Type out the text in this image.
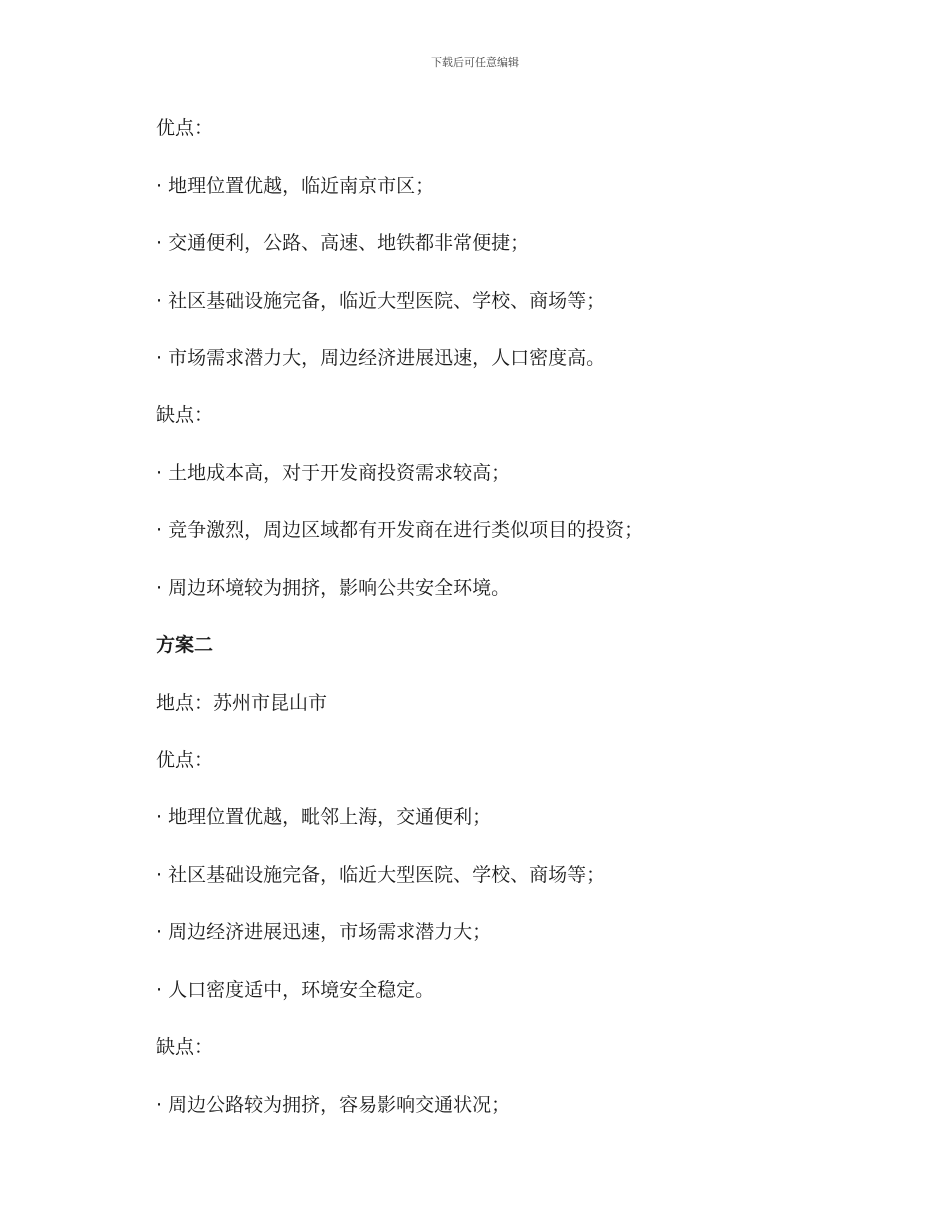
下载后可任意编辑
优点：
· 地理位置优越，临近南京市区；
· 交通便利，公路、高速、地铁都非常便捷；
· 社区基础设施完备，临近大型医院、学校、商场等；
· 市场需求潜力大，周边经济进展迅速，人口密度高。
缺点：
· 土地成本高，对于开发商投资需求较高；
· 竞争激烈，周边区域都有开发商在进行类似项目的投资；
· 周边环境较为拥挤，影响公共安全环境。
方案二
地点：苏州市昆山市
优点：
· 地理位置优越，毗邻上海，交通便利；
· 社区基础设施完备，临近大型医院、学校、商场等；
· 周边经济进展迅速，市场需求潜力大；
· 人口密度适中，环境安全稳定。
缺点：
· 周边公路较为拥挤，容易影响交通状况；
